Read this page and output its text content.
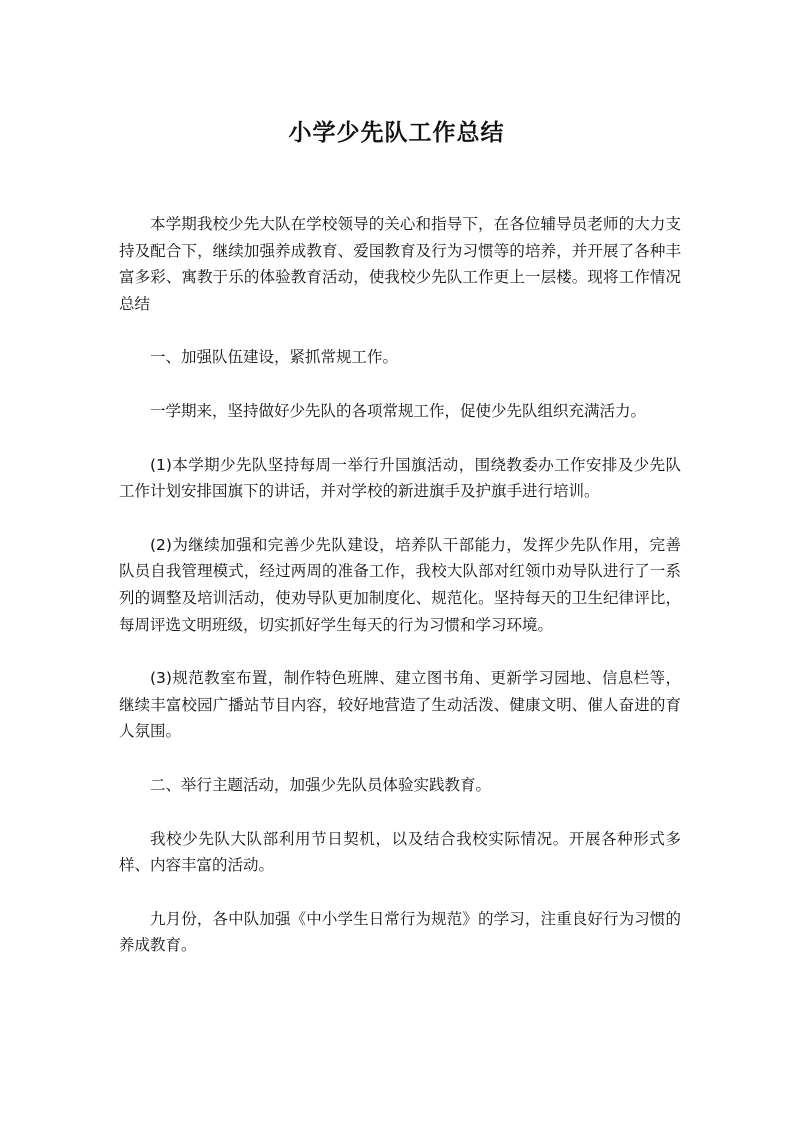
小学少先队工作总结

本学期我校少先大队在学校领导的关心和指导下，在各位辅导员老师的大力支持及配合下，继续加强养成教育、爱国教育及行为习惯等的培养，并开展了各种丰富多彩、寓教于乐的体验教育活动，使我校少先队工作更上一层楼。现将工作情况总结

一、加强队伍建设，紧抓常规工作。

一学期来，坚持做好少先队的各项常规工作，促使少先队组织充满活力。

(1)本学期少先队坚持每周一举行升国旗活动，围绕教委办工作安排及少先队工作计划安排国旗下的讲话，并对学校的新进旗手及护旗手进行培训。

(2)为继续加强和完善少先队建设，培养队干部能力，发挥少先队作用，完善队员自我管理模式，经过两周的准备工作，我校大队部对红领巾劝导队进行了一系列的调整及培训活动，使劝导队更加制度化、规范化。坚持每天的卫生纪律评比，每周评选文明班级，切实抓好学生每天的行为习惯和学习环境。

(3)规范教室布置，制作特色班牌、建立图书角、更新学习园地、信息栏等，继续丰富校园广播站节目内容，较好地营造了生动活泼、健康文明、催人奋进的育人氛围。

二、举行主题活动，加强少先队员体验实践教育。

我校少先队大队部利用节日契机，以及结合我校实际情况。开展各种形式多样、内容丰富的活动。

九月份，各中队加强《中小学生日常行为规范》的学习，注重良好行为习惯的养成教育。
